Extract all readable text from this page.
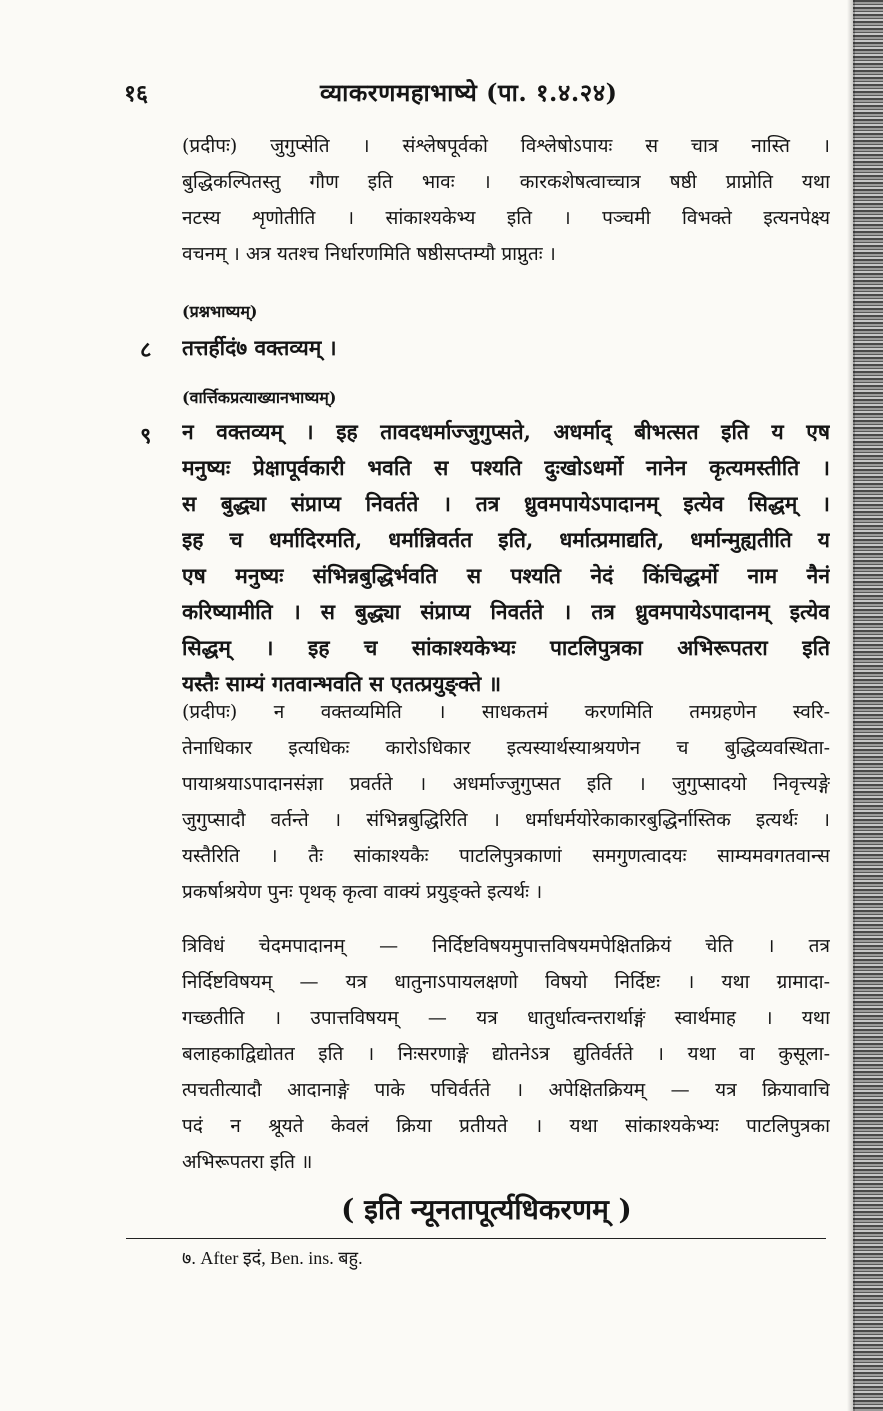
१६	व्याकरणमहाभाष्ये (पा. १.४.२४)
(प्रदीपः) जुगुप्सेति । संश्लेषपूर्वको विश्लेषोऽपायः स चात्र नास्ति ।
बुद्धिकल्पितस्तु गौण इति भावः । कारकशेषत्वाच्चात्र षष्ठी प्राप्नोति यथा
नटस्य शृणोतीति । सांकाश्यकेभ्य इति । पञ्चमी विभक्ते इत्यनपेक्ष्य
वचनम् । अत्र यतश्च निर्धारणमिति षष्ठीसप्तम्यौ प्राप्नुतः ।
(प्रश्नभाष्यम्)
८ तत्तर्हीदं७ वक्तव्यम् ।
(वार्त्तिकप्रत्याख्यानभाष्यम्)
९ न वक्तव्यम् । इह तावदधर्माज्जुगुप्सते, अधर्माद् बीभत्सत इति य एष
मनुष्यः प्रेक्षापूर्वकारी भवति स पश्यति दुःखोऽधर्मो नानेन कृत्यमस्तीति ।
स बुद्ध्या संप्राप्य निवर्तते । तत्र ध्रुवमपायेऽपादानम् इत्येव सिद्धम् ।
इह च धर्मादिरमति, धर्मान्निवर्तत इति, धर्मात्प्रमाद्यति, धर्मान्मुह्यतीति य
एष मनुष्यः संभिन्नबुद्धिर्भवति स पश्यति नेदं किंचिद्धर्मो नाम नैनं
करिष्यामीति । स बुद्ध्या संप्राप्य निवर्तते । तत्र ध्रुवमपायेऽपादानम् इत्येव
सिद्धम् । इह च सांकाश्यकेभ्यः पाटलिपुत्रका अभिरूपतरा इति
यस्तैः साम्यं गतवान्भवति स एतत्प्रयुङ्क्ते ॥
(प्रदीपः) न वक्तव्यमिति । साधकतमं करणमिति तमग्रहणेन स्वरि-
तेनाधिकार इत्यधिकः कारोऽधिकार इत्यस्यार्थस्याश्रयणेन च बुद्धिव्यवस्थिता-
पायाश्रयाऽपादानसंज्ञा प्रवर्तते । अधर्माज्जुगुप्सत इति । जुगुप्सादयो निवृत्त्यङ्गे
जुगुप्सादौ वर्तन्ते । संभिन्नबुद्धिरिति । धर्माधर्मयोरेकाकारबुद्धिर्नास्तिक इत्यर्थः ।
यस्तैरिति । तैः सांकाश्यकैः पाटलिपुत्रकाणां समगुणत्वादयः साम्यमवगतवान्स
प्रकर्षाश्रयेण पुनः पृथक् कृत्वा वाक्यं प्रयुङ्क्ते इत्यर्थः ।
त्रिविधं चेदमपादानम् — निर्दिष्टविषयमुपात्तविषयमपेक्षितक्रियं चेति । तत्र
निर्दिष्टविषयम् — यत्र धातुनाऽपायलक्षणो विषयो निर्दिष्टः । यथा ग्रामादा-
गच्छतीति । उपात्तविषयम् — यत्र धातुर्धात्वन्तरार्थाङ्गं स्वार्थमाह । यथा
बलाहकाद्विद्योतत इति । निःसरणाङ्गे द्योतनेऽत्र द्युतिर्वर्तते । यथा वा कुसूला-
त्पचतीत्यादौ आदानाङ्गे पाके पचिर्वर्तते । अपेक्षितक्रियम् — यत्र क्रियावाचि
पदं न श्रूयते केवलं क्रिया प्रतीयते । यथा सांकाश्यकेभ्यः पाटलिपुत्रका
अभिरूपतरा इति ॥
( इति न्यूनतापूर्त्यधिकरणम् )
७. After इदं, Ben. ins. बहु.
